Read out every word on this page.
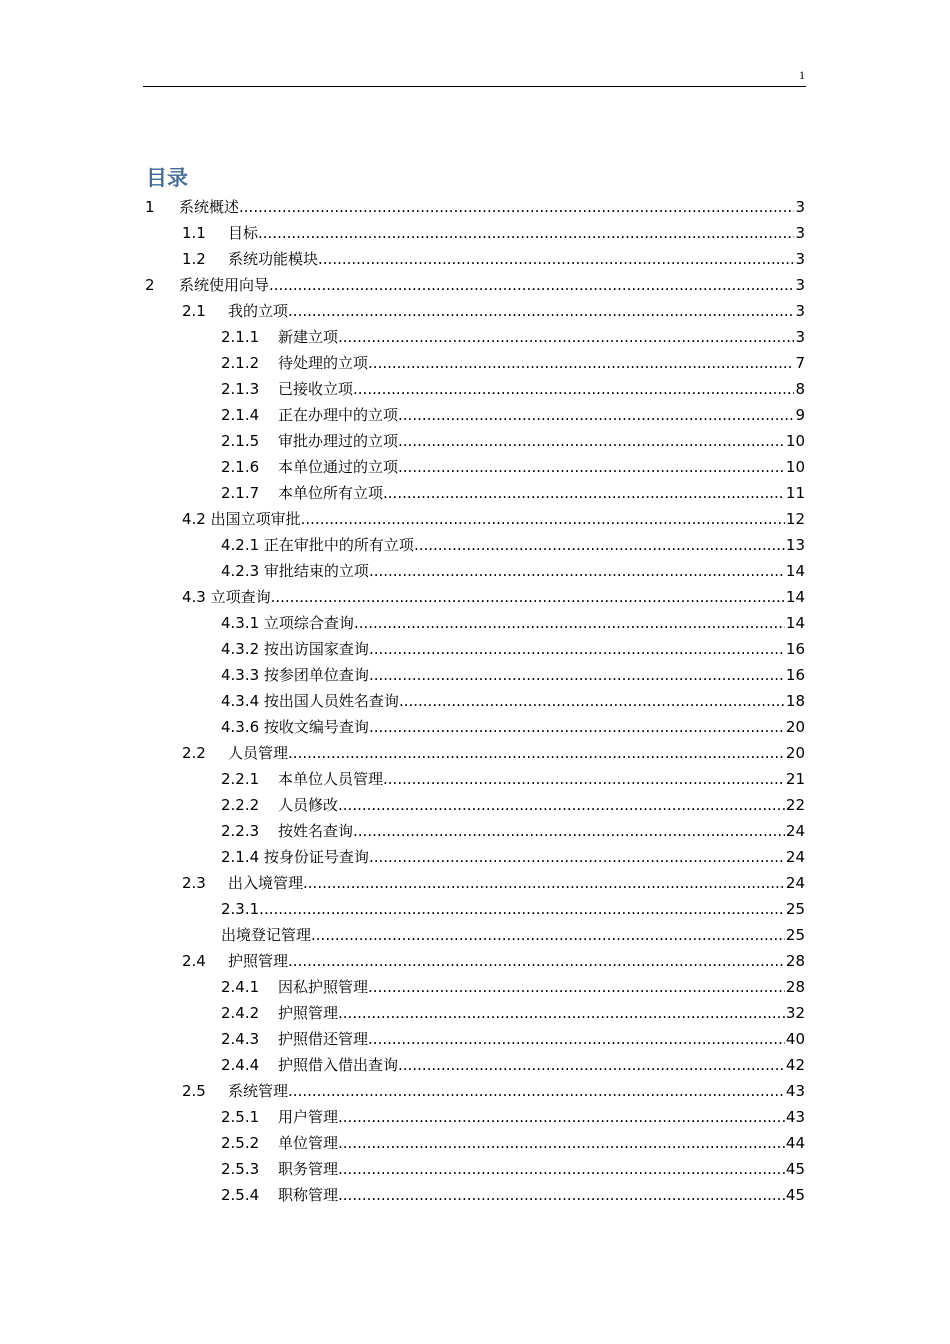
1
目录
1	系统概述 .....	3
1.1	目标 .....	3
1.2	系统功能模块 .....	3
2	系统使用向导 .....	3
2.1	我的立项 .....	3
2.1.1	新建立项 .....	3
2.1.2	待处理的立项 .....	7
2.1.3	已接收立项 .....	8
2.1.4	正在办理中的立项 .....	9
2.1.5	审批办理过的立项 .....	10
2.1.6	本单位通过的立项 .....	10
2.1.7	本单位所有立项 .....	11
4.2 出国立项审批 .....	12
4.2.1 正在审批中的所有立项 .....	13
4.2.3 审批结束的立项 .....	14
4.3 立项查询 .....	14
4.3.1 立项综合查询 .....	14
4.3.2 按出访国家查询 .....	16
4.3.3 按参团单位查询 .....	16
4.3.4 按出国人员姓名查询 .....	18
4.3.6 按收文编号查询 .....	20
2.2	人员管理 .....	20
2.2.1	本单位人员管理 .....	21
2.2.2	人员修改 .....	22
2.2.3	按姓名查询 .....	24
2.1.4 按身份证号查询 .....	24
2.3	出入境管理 .....	24
2.3.1 .....	25
出境登记管理 .....	25
2.4	护照管理 .....	28
2.4.1	因私护照管理 .....	28
2.4.2	护照管理 .....	32
2.4.3	护照借还管理 .....	40
2.4.4	护照借入借出查询 .....	42
2.5	系统管理 .....	43
2.5.1	用户管理 .....	43
2.5.2	单位管理 .....	44
2.5.3	职务管理 .....	45
2.5.4	职称管理 .....	45
